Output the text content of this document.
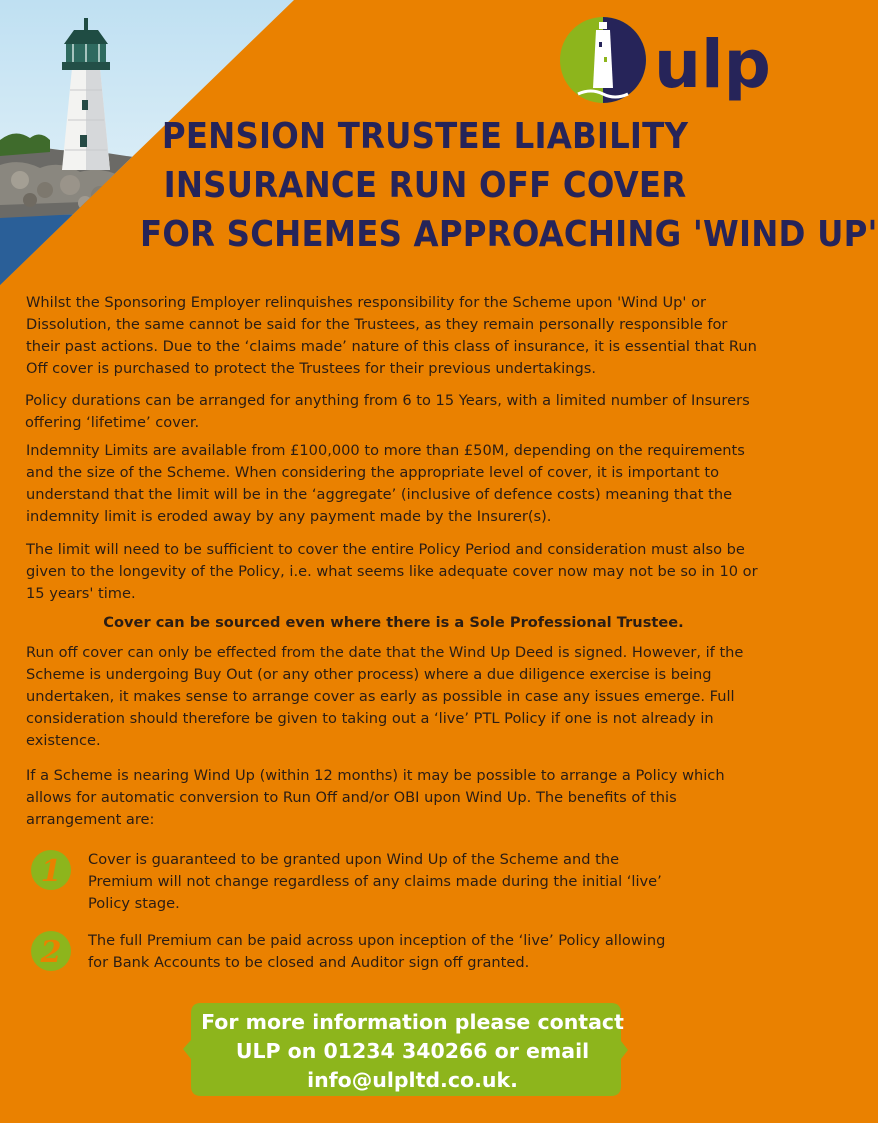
ulp
PENSION TRUSTEE LIABILITY
INSURANCE RUN OFF COVER
FOR SCHEMES APPROACHING 'WIND UP'

Whilst the Sponsoring Employer relinquishes responsibility for the Scheme upon 'Wind Up' or Dissolution, the same cannot be said for the Trustees, as they remain personally responsible for their past actions. Due to the ‘claims made’ nature of this class of insurance, it is essential that Run Off cover is purchased to protect the Trustees for their previous undertakings.

Policy durations can be arranged for anything from 6 to 15 Years, with a limited number of Insurers offering ‘lifetime’ cover.

Indemnity Limits are available from £100,000 to more than £50M, depending on the requirements and the size of the Scheme. When considering the appropriate level of cover, it is important to understand that the limit will be in the ‘aggregate’ (inclusive of defence costs) meaning that the indemnity limit is eroded away by any payment made by the Insurer(s).

The limit will need to be sufficient to cover the entire Policy Period and consideration must also be given to the longevity of the Policy, i.e. what seems like adequate cover now may not be so in 10 or 15 years' time.

Cover can be sourced even where there is a Sole Professional Trustee.

Run off cover can only be effected from the date that the Wind Up Deed is signed. However, if the Scheme is undergoing Buy Out (or any other process) where a due diligence exercise is being undertaken, it makes sense to arrange cover as early as possible in case any issues emerge. Full consideration should therefore be given to taking out a ‘live’ PTL Policy if one is not already in existence.

If a Scheme is nearing Wind Up (within 12 months) it may be possible to arrange a Policy which allows for automatic conversion to Run Off and/or OBI upon Wind Up. The benefits of this arrangement are:

1 Cover is guaranteed to be granted upon Wind Up of the Scheme and the Premium will not change regardless of any claims made during the initial ‘live’ Policy stage.

2 The full Premium can be paid across upon inception of the ‘live’ Policy allowing for Bank Accounts to be closed and Auditor sign off granted.

For more information please contact
ULP on 01234 340266 or email
info@ulpltd.co.uk.
